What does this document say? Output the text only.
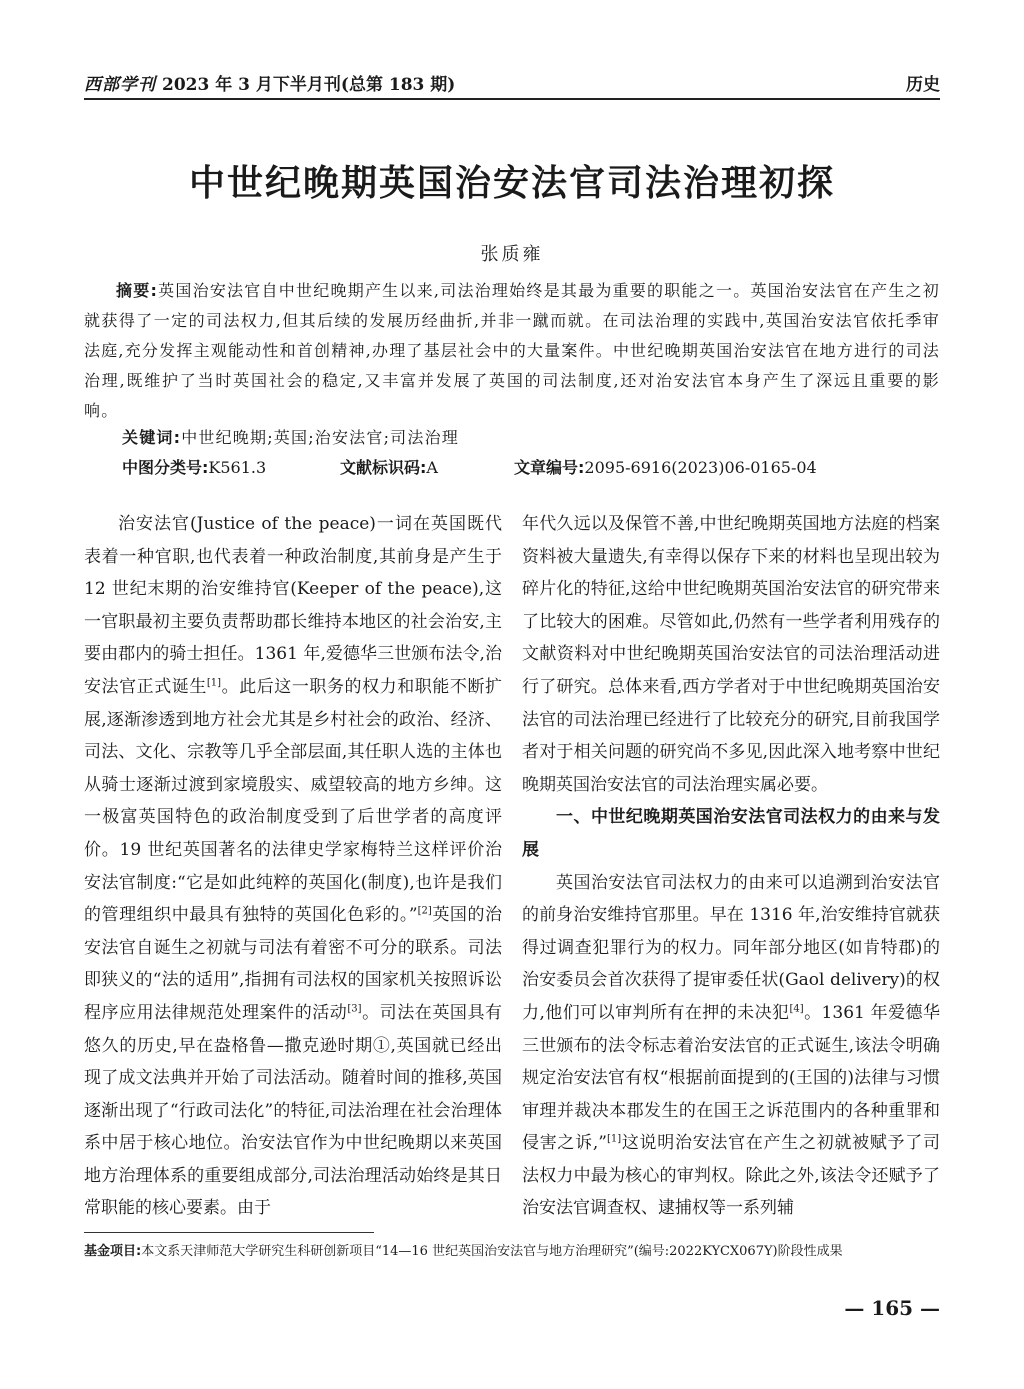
西部学刊 2023 年 3 月下半月刊(总第 183 期)	历史
中世纪晚期英国治安法官司法治理初探
张质雍
摘要:英国治安法官自中世纪晚期产生以来,司法治理始终是其最为重要的职能之一。英国治安法官在产生之初就获得了一定的司法权力,但其后续的发展历经曲折,并非一蹴而就。在司法治理的实践中,英国治安法官依托季审法庭,充分发挥主观能动性和首创精神,办理了基层社会中的大量案件。中世纪晚期英国治安法官在地方进行的司法治理,既维护了当时英国社会的稳定,又丰富并发展了英国的司法制度,还对治安法官本身产生了深远且重要的影响。
关键词:中世纪晚期;英国;治安法官;司法治理
中图分类号:K561.3	文献标识码:A	文章编号:2095-6916(2023)06-0165-04

治安法官(Justice of the peace)一词在英国既代表着一种官职,也代表着一种政治制度,其前身是产生于 12 世纪末期的治安维持官(Keeper of the peace),这一官职最初主要负责帮助郡长维持本地区的社会治安,主要由郡内的骑士担任。1361 年,爱德华三世颁布法令,治安法官正式诞生[1]。此后这一职务的权力和职能不断扩展,逐渐渗透到地方社会尤其是乡村社会的政治、经济、司法、文化、宗教等几乎全部层面,其任职人选的主体也从骑士逐渐过渡到家境殷实、威望较高的地方乡绅。这一极富英国特色的政治制度受到了后世学者的高度评价。19 世纪英国著名的法律史学家梅特兰这样评价治安法官制度:“它是如此纯粹的英国化(制度),也许是我们的管理组织中最具有独特的英国化色彩的。”[2]英国的治安法官自诞生之初就与司法有着密不可分的联系。司法即狭义的“法的适用”,指拥有司法权的国家机关按照诉讼程序应用法律规范处理案件的活动[3]。司法在英国具有悠久的历史,早在盎格鲁—撒克逊时期①,英国就已经出现了成文法典并开始了司法活动。随着时间的推移,英国逐渐出现了“行政司法化”的特征,司法治理在社会治理体系中居于核心地位。治安法官作为中世纪晚期以来英国地方治理体系的重要组成部分,司法治理活动始终是其日常职能的核心要素。由于

年代久远以及保管不善,中世纪晚期英国地方法庭的档案资料被大量遗失,有幸得以保存下来的材料也呈现出较为碎片化的特征,这给中世纪晚期英国治安法官的研究带来了比较大的困难。尽管如此,仍然有一些学者利用残存的文献资料对中世纪晚期英国治安法官的司法治理活动进行了研究。总体来看,西方学者对于中世纪晚期英国治安法官的司法治理已经进行了比较充分的研究,目前我国学者对于相关问题的研究尚不多见,因此深入地考察中世纪晚期英国治安法官的司法治理实属必要。

一、中世纪晚期英国治安法官司法权力的由来与发展

英国治安法官司法权力的由来可以追溯到治安法官的前身治安维持官那里。早在 1316 年,治安维持官就获得过调查犯罪行为的权力。同年部分地区(如肯特郡)的治安委员会首次获得了提审委任状(Gaol delivery)的权力,他们可以审判所有在押的未决犯[4]。1361 年爱德华三世颁布的法令标志着治安法官的正式诞生,该法令明确规定治安法官有权“根据前面提到的(王国的)法律与习惯审理并裁决本郡发生的在国王之诉范围内的各种重罪和侵害之诉,”[1]这说明治安法官在产生之初就被赋予了司法权力中最为核心的审判权。除此之外,该法令还赋予了治安法官调查权、逮捕权等一系列辅

基金项目:本文系天津师范大学研究生科研创新项目“14—16 世纪英国治安法官与地方治理研究”(编号:2022KYCX067Y)阶段性成果
— 165 —
